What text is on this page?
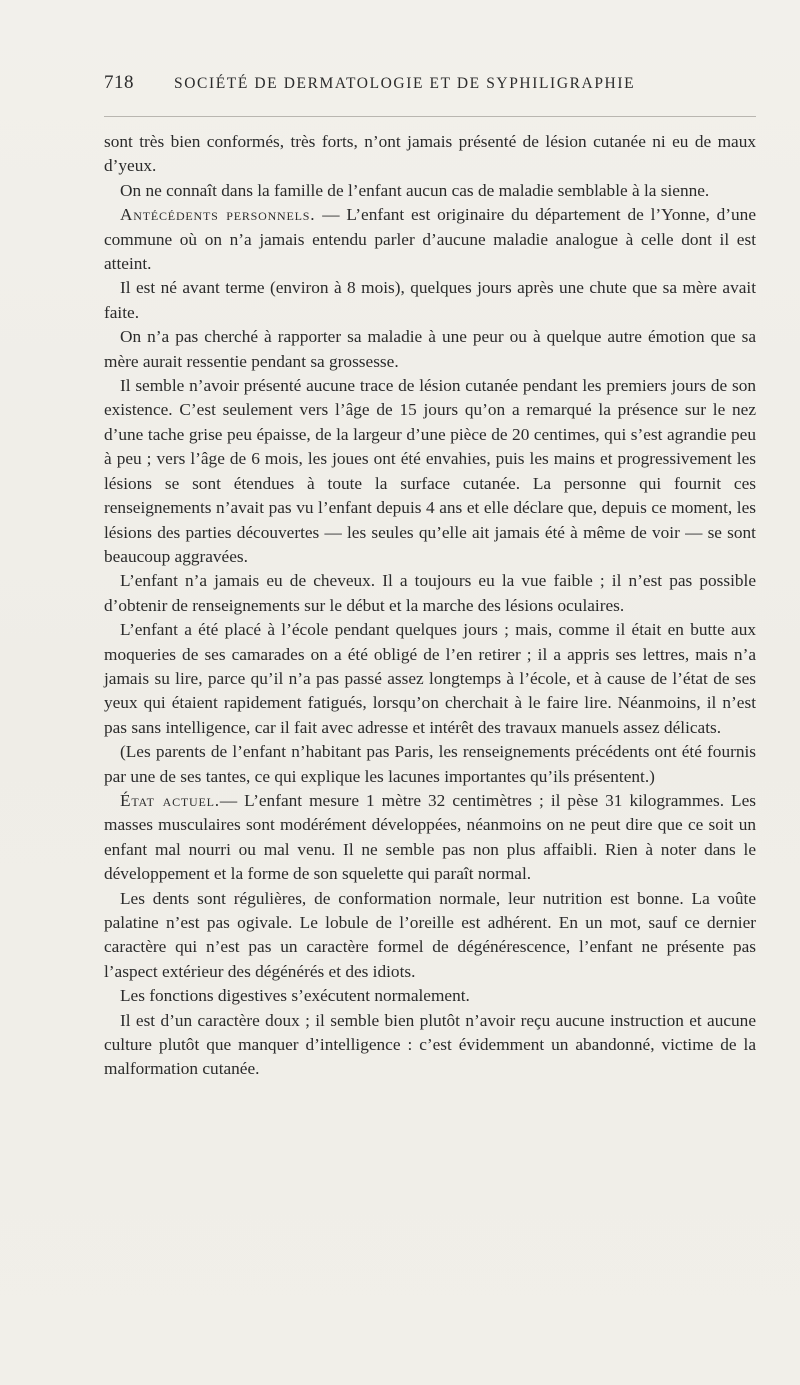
718	SOCIÉTÉ DE DERMATOLOGIE ET DE SYPHILIGRAPHIE

sont très bien conformés, très forts, n’ont jamais présenté de lésion cutanée ni eu de maux d’yeux.

On ne connaît dans la famille de l’enfant aucun cas de maladie semblable à la sienne.

Antécédents personnels. — L’enfant est originaire du département de l’Yonne, d’une commune où on n’a jamais entendu parler d’aucune maladie analogue à celle dont il est atteint.

Il est né avant terme (environ à 8 mois), quelques jours après une chute que sa mère avait faite.

On n’a pas cherché à rapporter sa maladie à une peur ou à quelque autre émotion que sa mère aurait ressentie pendant sa grossesse.

Il semble n’avoir présenté aucune trace de lésion cutanée pendant les premiers jours de son existence. C’est seulement vers l’âge de 15 jours qu’on a remarqué la présence sur le nez d’une tache grise peu épaisse, de la largeur d’une pièce de 20 centimes, qui s’est agrandie peu à peu ; vers l’âge de 6 mois, les joues ont été envahies, puis les mains et progressivement les lésions se sont étendues à toute la surface cutanée. La personne qui fournit ces renseignements n’avait pas vu l’enfant depuis 4 ans et elle déclare que, depuis ce moment, les lésions des parties découvertes — les seules qu’elle ait jamais été à même de voir — se sont beaucoup aggravées.

L’enfant n’a jamais eu de cheveux. Il a toujours eu la vue faible ; il n’est pas possible d’obtenir de renseignements sur le début et la marche des lésions oculaires.

L’enfant a été placé à l’école pendant quelques jours ; mais, comme il était en butte aux moqueries de ses camarades on a été obligé de l’en retirer ; il a appris ses lettres, mais n’a jamais su lire, parce qu’il n’a pas passé assez longtemps à l’école, et à cause de l’état de ses yeux qui étaient rapidement fatigués, lorsqu’on cherchait à le faire lire. Néanmoins, il n’est pas sans intelligence, car il fait avec adresse et intérêt des travaux manuels assez délicats.

(Les parents de l’enfant n’habitant pas Paris, les renseignements précédents ont été fournis par une de ses tantes, ce qui explique les lacunes importantes qu’ils présentent.)

État actuel.— L’enfant mesure 1 mètre 32 centimètres ; il pèse 31 kilogrammes. Les masses musculaires sont modérément développées, néanmoins on ne peut dire que ce soit un enfant mal nourri ou mal venu. Il ne semble pas non plus affaibli. Rien à noter dans le développement et la forme de son squelette qui paraît normal.

Les dents sont régulières, de conformation normale, leur nutrition est bonne. La voûte palatine n’est pas ogivale. Le lobule de l’oreille est adhérent. En un mot, sauf ce dernier caractère qui n’est pas un caractère formel de dégénérescence, l’enfant ne présente pas l’aspect extérieur des dégénérés et des idiots.

Les fonctions digestives s’exécutent normalement.

Il est d’un caractère doux ; il semble bien plutôt n’avoir reçu aucune instruction et aucune culture plutôt que manquer d’intelligence : c’est évidemment un abandonné, victime de la malformation cutanée.
